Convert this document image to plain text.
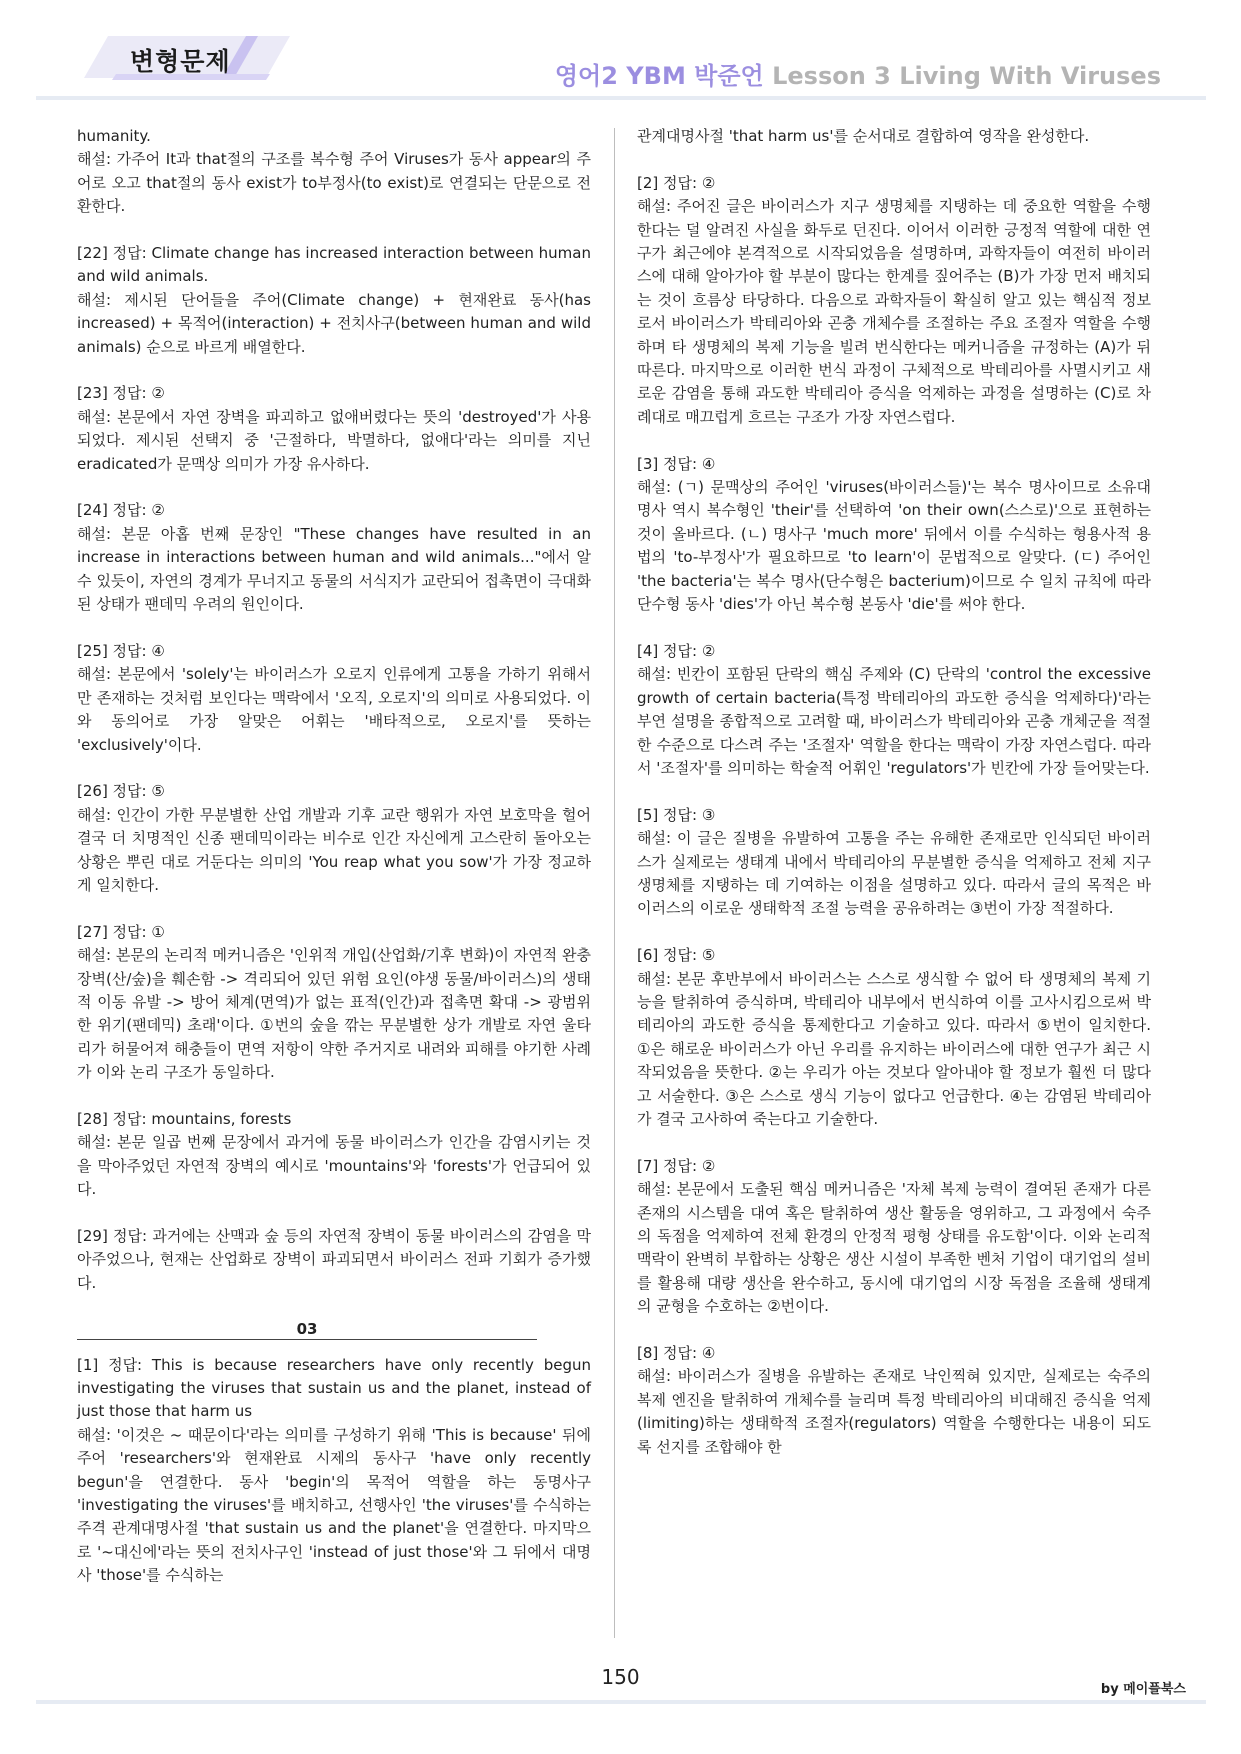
변형문제	영어2 YBM 박준언 Lesson 3 Living With Viruses

humanity.

해설: 가주어 It과 that절의 구조를 복수형 주어 Viruses가 동사 appear의 주어로 오고 that절의 동사 exist가 to부정사(to exist)로 연결되는 단문으로 전환한다.

[22] 정답: Climate change has increased interaction between human and wild animals.

해설: 제시된 단어들을 주어(Climate change) + 현재완료 동사(has increased) + 목적어(interaction) + 전치사구(between human and wild animals) 순으로 바르게 배열한다.

[23] 정답: ②

해설: 본문에서 자연 장벽을 파괴하고 없애버렸다는 뜻의 'destroyed'가 사용되었다. 제시된 선택지 중 '근절하다, 박멸하다, 없애다'라는 의미를 지닌 eradicated가 문맥상 의미가 가장 유사하다.

[24] 정답: ②

해설: 본문 아홉 번째 문장인 "These changes have resulted in an increase in interactions between human and wild animals..."에서 알 수 있듯이, 자연의 경계가 무너지고 동물의 서식지가 교란되어 접촉면이 극대화된 상태가 팬데믹 우려의 원인이다.

[25] 정답: ④

해설: 본문에서 'solely'는 바이러스가 오로지 인류에게 고통을 가하기 위해서만 존재하는 것처럼 보인다는 맥락에서 '오직, 오로지'의 의미로 사용되었다. 이와 동의어로 가장 알맞은 어휘는 '배타적으로, 오로지'를 뜻하는 'exclusively'이다.

[26] 정답: ⑤

해설: 인간이 가한 무분별한 산업 개발과 기후 교란 행위가 자연 보호막을 헐어 결국 더 치명적인 신종 팬데믹이라는 비수로 인간 자신에게 고스란히 돌아오는 상황은 뿌린 대로 거둔다는 의미의 'You reap what you sow'가 가장 정교하게 일치한다.

[27] 정답: ①

해설: 본문의 논리적 메커니즘은 '인위적 개입(산업화/기후 변화)이 자연적 완충 장벽(산/숲)을 훼손함 -> 격리되어 있던 위험 요인(야생 동물/바이러스)의 생태적 이동 유발 -> 방어 체계(면역)가 없는 표적(인간)과 접촉면 확대 -> 광범위한 위기(팬데믹) 초래'이다. ①번의 숲을 깎는 무분별한 상가 개발로 자연 울타리가 허물어져 해충들이 면역 저항이 약한 주거지로 내려와 피해를 야기한 사례가 이와 논리 구조가 동일하다.

[28] 정답: mountains, forests

해설: 본문 일곱 번째 문장에서 과거에 동물 바이러스가 인간을 감염시키는 것을 막아주었던 자연적 장벽의 예시로 'mountains'와 'forests'가 언급되어 있다.

[29] 정답: 과거에는 산맥과 숲 등의 자연적 장벽이 동물 바이러스의 감염을 막아주었으나, 현재는 산업화로 장벽이 파괴되면서 바이러스 전파 기회가 증가했다.

03

[1] 정답: This is because researchers have only recently begun investigating the viruses that sustain us and the planet, instead of just those that harm us

해설: '이것은 ~ 때문이다'라는 의미를 구성하기 위해 'This is because' 뒤에 주어 'researchers'와 현재완료 시제의 동사구 'have only recently begun'을 연결한다. 동사 'begin'의 목적어 역할을 하는 동명사구 'investigating the viruses'를 배치하고, 선행사인 'the viruses'를 수식하는 주격 관계대명사절 'that sustain us and the planet'을 연결한다. 마지막으로 '~대신에'라는 뜻의 전치사구인 'instead of just those'와 그 뒤에서 대명사 'those'를 수식하는

관계대명사절 'that harm us'를 순서대로 결합하여 영작을 완성한다.

[2] 정답: ②

해설: 주어진 글은 바이러스가 지구 생명체를 지탱하는 데 중요한 역할을 수행한다는 덜 알려진 사실을 화두로 던진다. 이어서 이러한 긍정적 역할에 대한 연구가 최근에야 본격적으로 시작되었음을 설명하며, 과학자들이 여전히 바이러스에 대해 알아가야 할 부분이 많다는 한계를 짚어주는 (B)가 가장 먼저 배치되는 것이 흐름상 타당하다. 다음으로 과학자들이 확실히 알고 있는 핵심적 정보로서 바이러스가 박테리아와 곤충 개체수를 조절하는 주요 조절자 역할을 수행하며 타 생명체의 복제 기능을 빌려 번식한다는 메커니즘을 규정하는 (A)가 뒤따른다. 마지막으로 이러한 번식 과정이 구체적으로 박테리아를 사멸시키고 새로운 감염을 통해 과도한 박테리아 증식을 억제하는 과정을 설명하는 (C)로 차례대로 매끄럽게 흐르는 구조가 가장 자연스럽다.

[3] 정답: ④

해설: (ㄱ) 문맥상의 주어인 'viruses(바이러스들)'는 복수 명사이므로 소유대명사 역시 복수형인 'their'를 선택하여 'on their own(스스로)'으로 표현하는 것이 올바르다. (ㄴ) 명사구 'much more' 뒤에서 이를 수식하는 형용사적 용법의 'to-부정사'가 필요하므로 'to learn'이 문법적으로 알맞다. (ㄷ) 주어인 'the bacteria'는 복수 명사(단수형은 bacterium)이므로 수 일치 규칙에 따라 단수형 동사 'dies'가 아닌 복수형 본동사 'die'를 써야 한다.

[4] 정답: ②

해설: 빈칸이 포함된 단락의 핵심 주제와 (C) 단락의 'control the excessive growth of certain bacteria(특정 박테리아의 과도한 증식을 억제하다)'라는 부연 설명을 종합적으로 고려할 때, 바이러스가 박테리아와 곤충 개체군을 적절한 수준으로 다스려 주는 '조절자' 역할을 한다는 맥락이 가장 자연스럽다. 따라서 '조절자'를 의미하는 학술적 어휘인 'regulators'가 빈칸에 가장 들어맞는다.

[5] 정답: ③

해설: 이 글은 질병을 유발하여 고통을 주는 유해한 존재로만 인식되던 바이러스가 실제로는 생태계 내에서 박테리아의 무분별한 증식을 억제하고 전체 지구 생명체를 지탱하는 데 기여하는 이점을 설명하고 있다. 따라서 글의 목적은 바이러스의 이로운 생태학적 조절 능력을 공유하려는 ③번이 가장 적절하다.

[6] 정답: ⑤

해설: 본문 후반부에서 바이러스는 스스로 생식할 수 없어 타 생명체의 복제 기능을 탈취하여 증식하며, 박테리아 내부에서 번식하여 이를 고사시킴으로써 박테리아의 과도한 증식을 통제한다고 기술하고 있다. 따라서 ⑤번이 일치한다. ①은 해로운 바이러스가 아닌 우리를 유지하는 바이러스에 대한 연구가 최근 시작되었음을 뜻한다. ②는 우리가 아는 것보다 알아내야 할 정보가 훨씬 더 많다고 서술한다. ③은 스스로 생식 기능이 없다고 언급한다. ④는 감염된 박테리아가 결국 고사하여 죽는다고 기술한다.

[7] 정답: ②

해설: 본문에서 도출된 핵심 메커니즘은 '자체 복제 능력이 결여된 존재가 다른 존재의 시스템을 대여 혹은 탈취하여 생산 활동을 영위하고, 그 과정에서 숙주의 독점을 억제하여 전체 환경의 안정적 평형 상태를 유도함'이다. 이와 논리적 맥락이 완벽히 부합하는 상황은 생산 시설이 부족한 벤처 기업이 대기업의 설비를 활용해 대량 생산을 완수하고, 동시에 대기업의 시장 독점을 조율해 생태계의 균형을 수호하는 ②번이다.

[8] 정답: ④

해설: 바이러스가 질병을 유발하는 존재로 낙인찍혀 있지만, 실제로는 숙주의 복제 엔진을 탈취하여 개체수를 늘리며 특정 박테리아의 비대해진 증식을 억제(limiting)하는 생태학적 조절자(regulators) 역할을 수행한다는 내용이 되도록 선지를 조합해야 한

150
by 메이플북스
